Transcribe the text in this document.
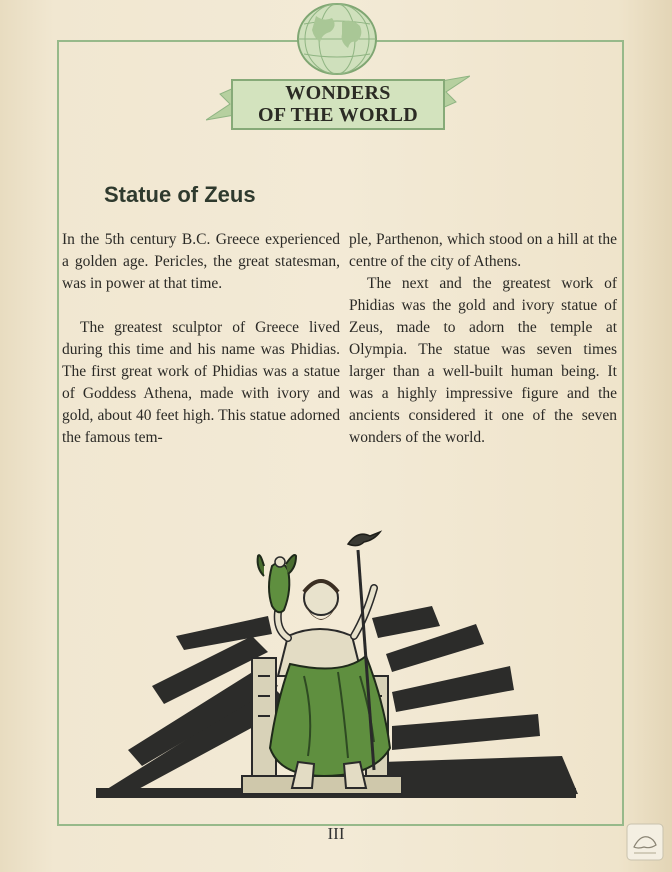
WONDERS
OF THE WORLD
Statue of Zeus

In the 5th century B.C. Greece experienced a golden age. Pericles, the great statesman, was in power at that time.

The greatest sculptor of Greece lived during this time and his name was Phidias. The first great work of Phidias was a statue of Goddess Athena, made with ivory and gold, about 40 feet high. This statue adorned the famous tem-

ple, Parthenon, which stood on a hill at the centre of the city of Athens.

The next and the greatest work of Phidias was the gold and ivory statue of Zeus, made to adorn the temple at Olympia. The statue was seven times larger than a well-built human being. It was a highly impressive figure and the ancients considered it one of the seven wonders of the world.

III
